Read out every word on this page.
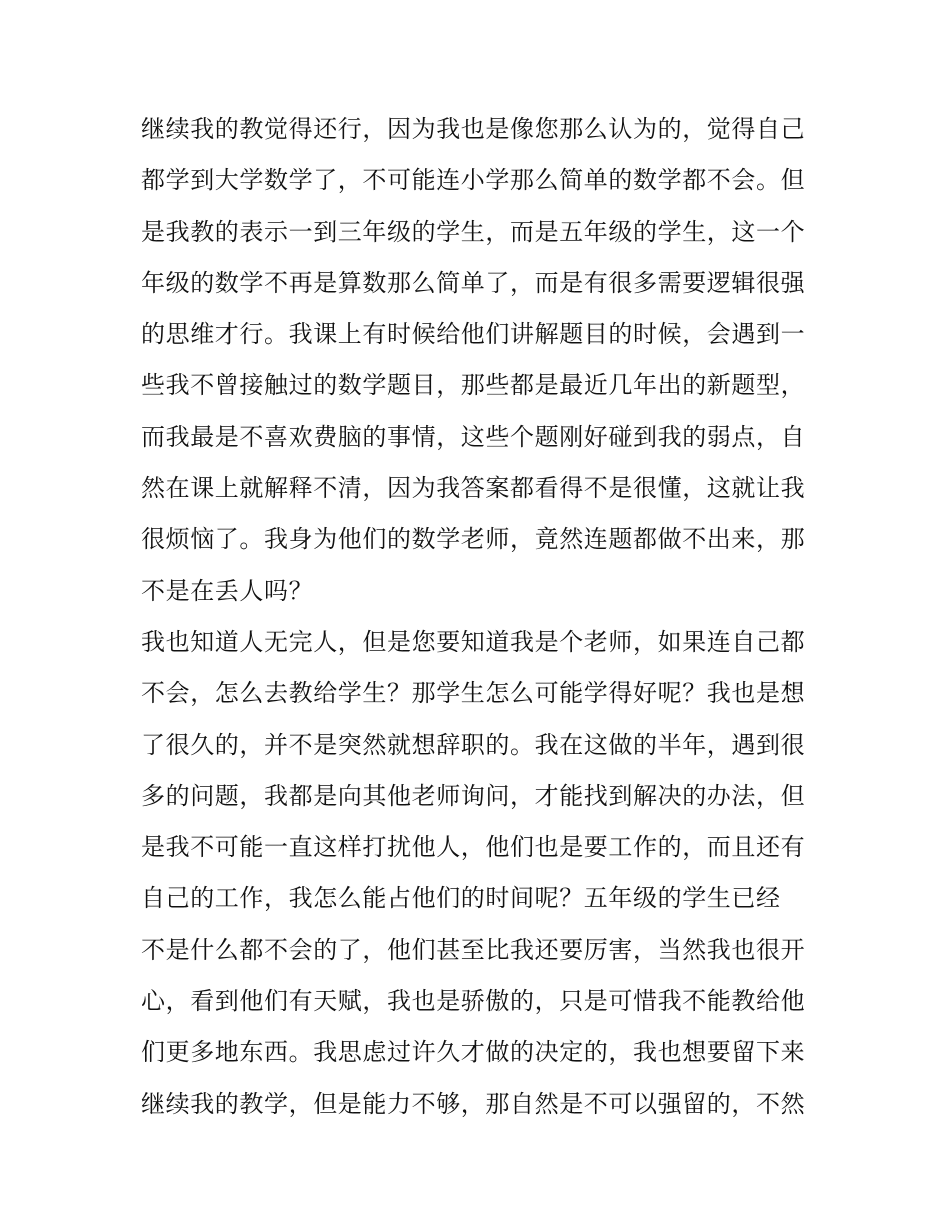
继续我的教觉得还行，因为我也是像您那么认为的，觉得自己
都学到大学数学了，不可能连小学那么简单的数学都不会。但
是我教的表示一到三年级的学生，而是五年级的学生，这一个
年级的数学不再是算数那么简单了，而是有很多需要逻辑很强
的思维才行。我课上有时候给他们讲解题目的时候，会遇到一
些我不曾接触过的数学题目，那些都是最近几年出的新题型，
而我最是不喜欢费脑的事情，这些个题刚好碰到我的弱点，自
然在课上就解释不清，因为我答案都看得不是很懂，这就让我
很烦恼了。我身为他们的数学老师，竟然连题都做不出来，那
不是在丢人吗？
我也知道人无完人，但是您要知道我是个老师，如果连自己都
不会，怎么去教给学生？那学生怎么可能学得好呢？我也是想
了很久的，并不是突然就想辞职的。我在这做的半年，遇到很
多的问题，我都是向其他老师询问，才能找到解决的办法，但
是我不可能一直这样打扰他人，他们也是要工作的，而且还有
自己的工作，我怎么能占他们的时间呢？五年级的学生已经
不是什么都不会的了，他们甚至比我还要厉害，当然我也很开
心，看到他们有天赋，我也是骄傲的，只是可惜我不能教给他
们更多地东西。我思虑过许久才做的决定的，我也想要留下来
继续我的教学，但是能力不够，那自然是不可以强留的，不然
